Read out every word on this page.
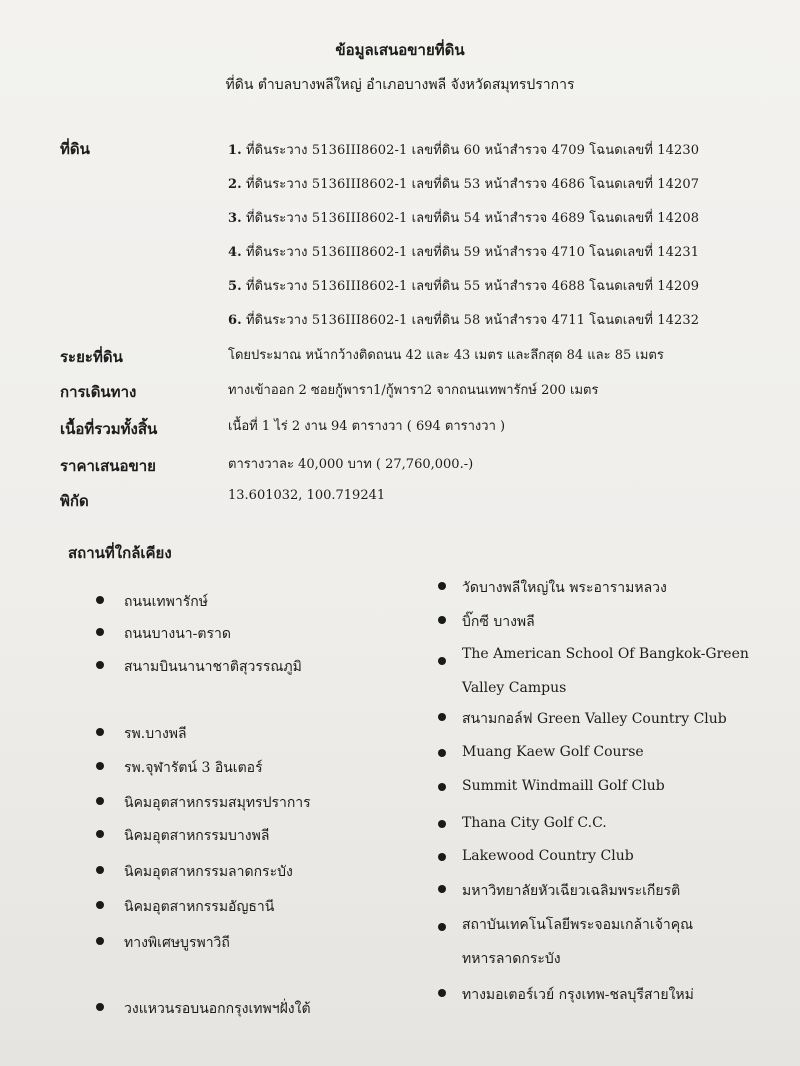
ข้อมูลเสนอขายที่ดิน
ที่ดิน ตำบลบางพลีใหญ่ อำเภอบางพลี จังหวัดสมุทรปราการ
ที่ดิน	1. ที่ดินระวาง 5136III8602-1 เลขที่ดิน 60 หน้าสำรวจ 4709 โฉนดเลขที่ 14230
2. ที่ดินระวาง 5136III8602-1 เลขที่ดิน 53 หน้าสำรวจ 4686 โฉนดเลขที่ 14207
3. ที่ดินระวาง 5136III8602-1 เลขที่ดิน 54 หน้าสำรวจ 4689 โฉนดเลขที่ 14208
4. ที่ดินระวาง 5136III8602-1 เลขที่ดิน 59 หน้าสำรวจ 4710 โฉนดเลขที่ 14231
5. ที่ดินระวาง 5136III8602-1 เลขที่ดิน 55 หน้าสำรวจ 4688 โฉนดเลขที่ 14209
6. ที่ดินระวาง 5136III8602-1 เลขที่ดิน 58 หน้าสำรวจ 4711 โฉนดเลขที่ 14232
ระยะที่ดิน	โดยประมาณ หน้ากว้างติดถนน 42 และ 43 เมตร และลึกสุด 84 และ 85 เมตร
การเดินทาง	ทางเข้าออก 2 ซอยกู้พารา1/กู้พารา2 จากถนนเทพารักษ์ 200 เมตร
เนื้อที่รวมทั้งสิ้น	เนื้อที่ 1 ไร่ 2 งาน 94 ตารางวา ( 694 ตารางวา )
ราคาเสนอขาย	ตารางวาละ 40,000 บาท ( 27,760,000.-)
พิกัด	13.601032, 100.719241
สถานที่ใกล้เคียง
ถนนเทพารักษ์
ถนนบางนา-ตราด
สนามบินนานาชาติสุวรรณภูมิ
รพ.บางพลี
รพ.จุฬารัตน์ 3 อินเตอร์
นิคมอุตสาหกรรมสมุทรปราการ
นิคมอุตสาหกรรมบางพลี
นิคมอุตสาหกรรมลาดกระบัง
นิคมอุตสาหกรรมอัญธานี
ทางพิเศษบูรพาวิถี
วงแหวนรอบนอกกรุงเทพฯฝั่งใต้
วัดบางพลีใหญ่ใน พระอารามหลวง
บิ๊กซี บางพลี
The American School Of Bangkok-Green
Valley Campus
สนามกอล์ฟ Green Valley Country Club
Muang Kaew Golf Course
Summit Windmaill Golf Club
Thana City Golf C.C.
Lakewood Country Club
มหาวิทยาลัยหัวเฉียวเฉลิมพระเกียรติ
สถาบันเทคโนโลยีพระจอมเกล้าเจ้าคุณ
ทหารลาดกระบัง
ทางมอเตอร์เวย์ กรุงเทพ-ชลบุรีสายใหม่
